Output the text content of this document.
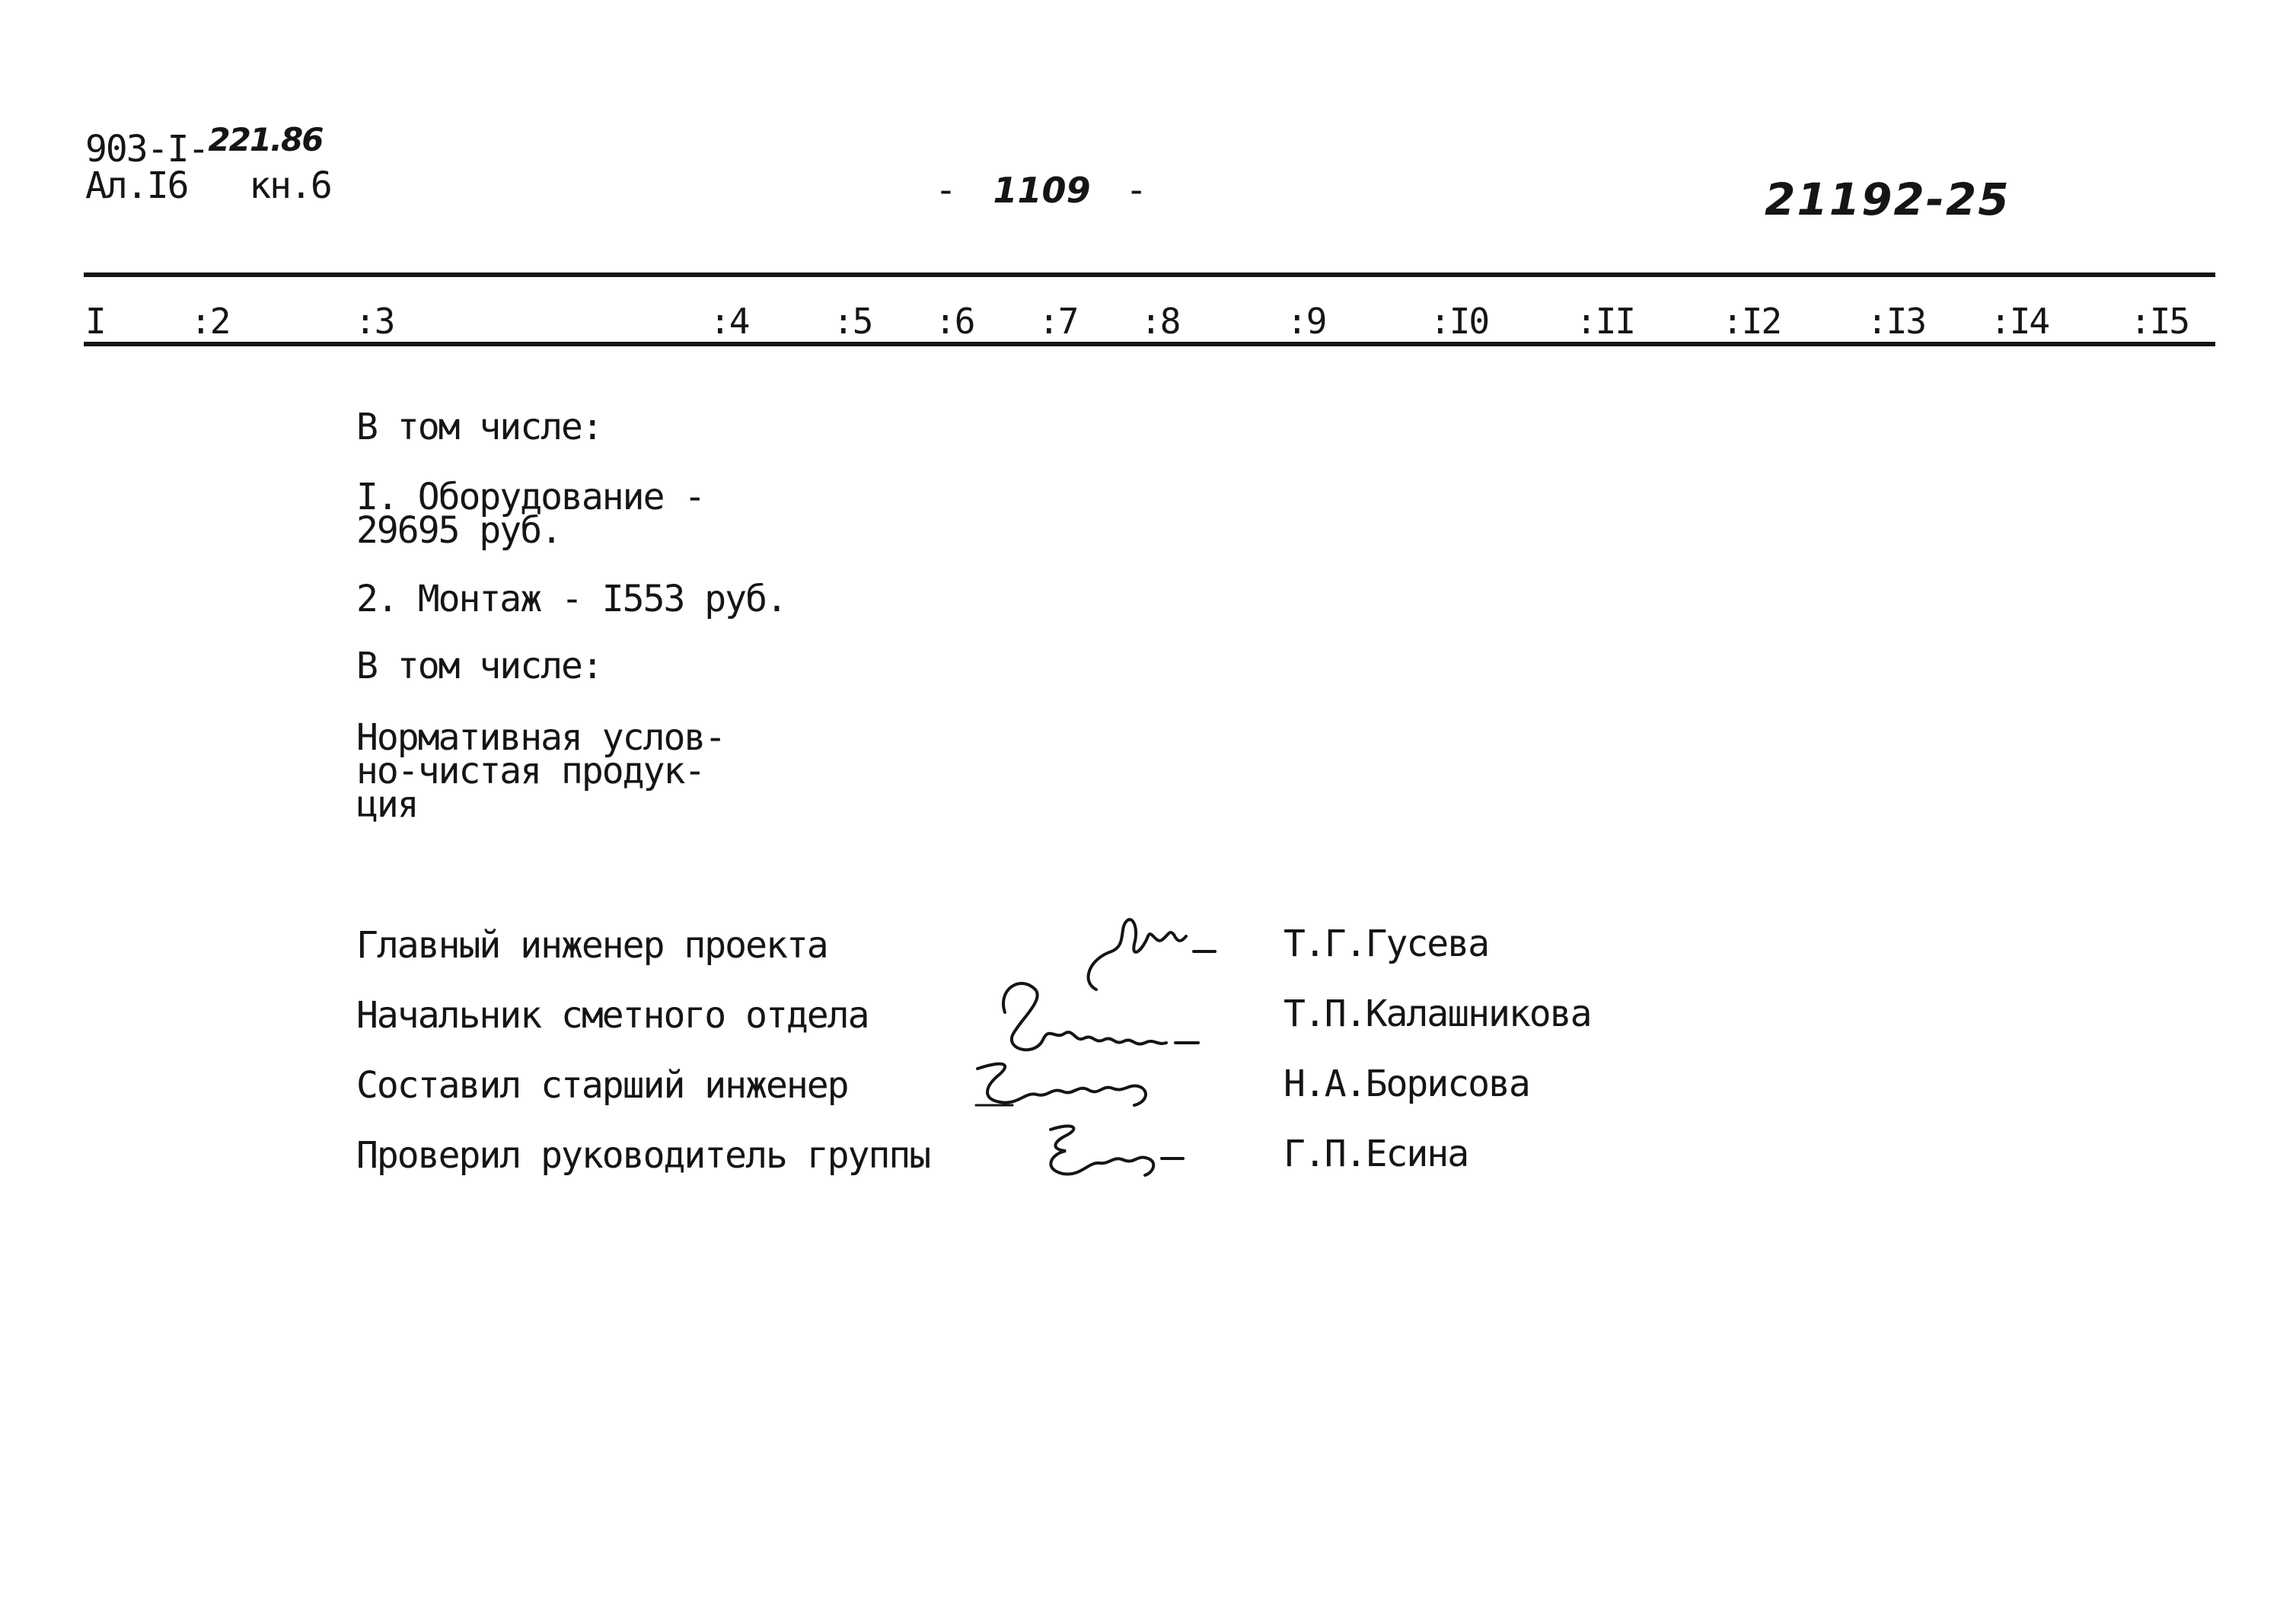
903-I-221.86
Ал.I6   кн.6	- 1109 -	21192-25
I :2	:3	:4 :5 :6 :7 :8	:9	:I0 :II :I2 :I3 :I4 :I5
В том числе:
I. Оборудование -
29695 руб.
2. Монтаж - I553 руб.
В том числе:
Нормативная услов-
но-чистая продук-
ция
Главный инженер проекта	Т.Г.Гусева
Начальник сметного отдела	Т.П.Калашникова
Составил старший инженер	Н.А.Борисова
Проверил руководитель группы	Г.П.Есина
